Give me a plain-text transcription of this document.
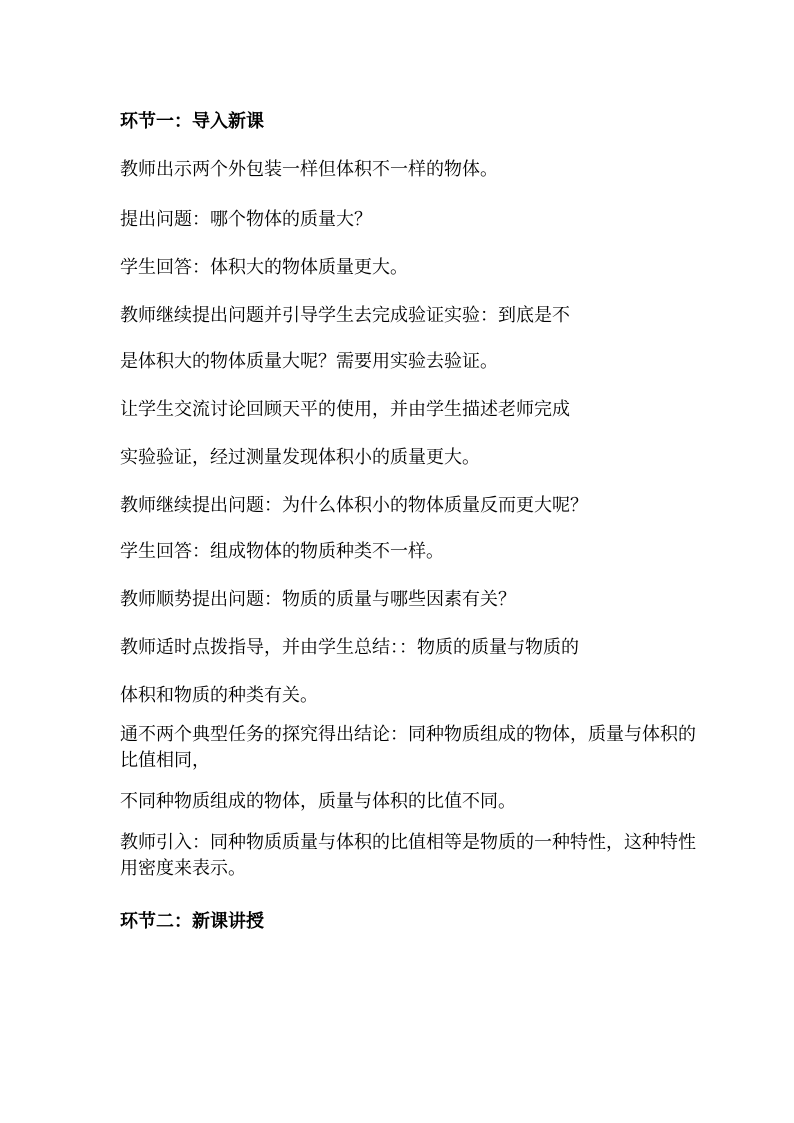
环节一：导入新课
教师出示两个外包装一样但体积不一样的物体。
提出问题：哪个物体的质量大？
学生回答：体积大的物体质量更大。
教师继续提出问题并引导学生去完成验证实验：到底是不
是体积大的物体质量大呢？需要用实验去验证。
让学生交流讨论回顾天平的使用，并由学生描述老师完成
实验验证，经过测量发现体积小的质量更大。
教师继续提出问题：为什么体积小的物体质量反而更大呢？
学生回答：组成物体的物质种类不一样。
教师顺势提出问题：物质的质量与哪些因素有关？
教师适时点拨指导，并由学生总结：：物质的质量与物质的
体积和物质的种类有关。
通不两个典型任务的探究得出结论：同种物质组成的物体，质量与体积的比值相同，
不同种物质组成的物体，质量与体积的比值不同。
教师引入：同种物质质量与体积的比值相等是物质的一种特性，这种特性用密度来表示。
环节二：新课讲授
